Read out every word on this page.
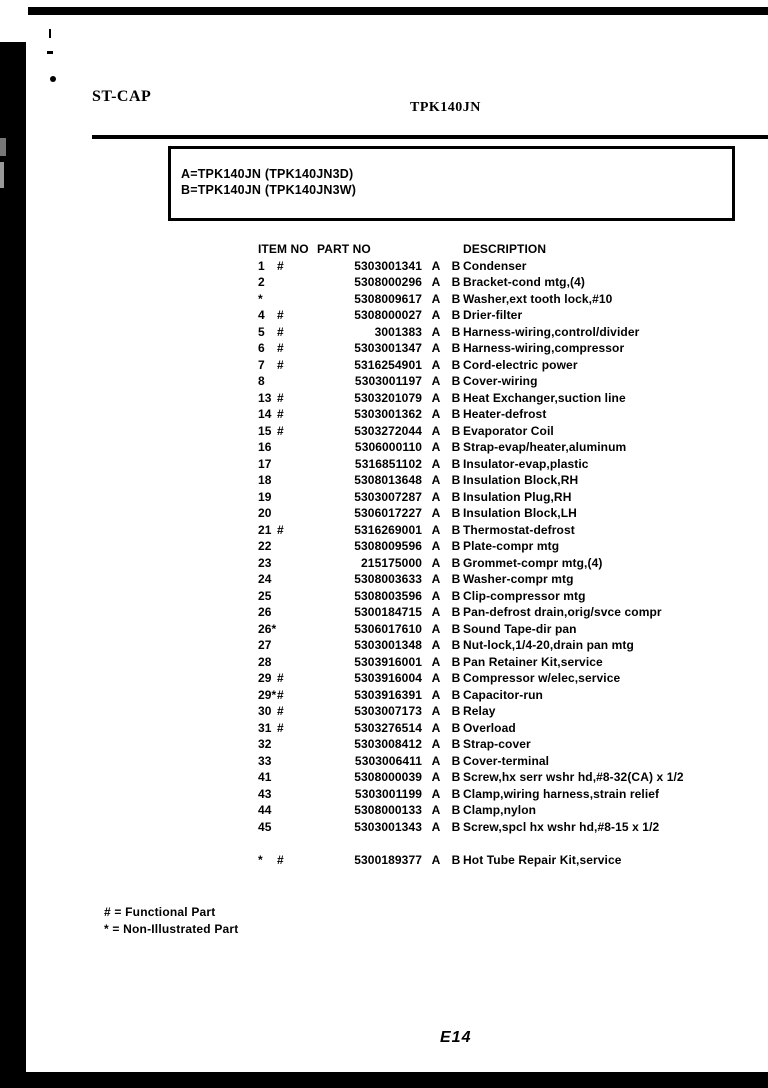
ST-CAP
TPK140JN
A=TPK140JN (TPK140JN3D)
B=TPK140JN (TPK140JN3W)
ITEM NO PART NO	DESCRIPTION
1 #	5303001341 A B Condenser
2	5308000296 A B Bracket-cond mtg,(4)
*	5308009617 A B Washer,ext tooth lock,#10
4 #	5308000027 A B Drier-filter
5 #	3001383 A B Harness-wiring,control/divider
6 #	5303001347 A B Harness-wiring,compressor
7 #	5316254901 A B Cord-electric power
8	5303001197 A B Cover-wiring
13 #	5303201079 A B Heat Exchanger,suction line
14 #	5303001362 A B Heater-defrost
15 #	5303272044 A B Evaporator Coil
16	5306000110 A B Strap-evap/heater,aluminum
17	5316851102 A B Insulator-evap,plastic
18	5308013648 A B Insulation Block,RH
19	5303007287 A B Insulation Plug,RH
20	5306017227 A B Insulation Block,LH
21 #	5316269001 A B Thermostat-defrost
22	5308009596 A B Plate-compr mtg
23	215175000 A B Grommet-compr mtg,(4)
24	5308003633 A B Washer-compr mtg
25	5308003596 A B Clip-compressor mtg
26	5300184715 A B Pan-defrost drain,orig/svce compr
26*	5306017610 A B Sound Tape-dir pan
27	5303001348 A B Nut-lock,1/4-20,drain pan mtg
28	5303916001 A B Pan Retainer Kit,service
29 #	5303916004 A B Compressor w/elec,service
29* #	5303916391 A B Capacitor-run
30 #	5303007173 A B Relay
31 #	5303276514 A B Overload
32	5303008412 A B Strap-cover
33	5303006411 A B Cover-terminal
41	5308000039 A B Screw,hx serr wshr hd,#8-32(CA) x 1/2
43	5303001199 A B Clamp,wiring harness,strain relief
44	5308000133 A B Clamp,nylon
45	5303001343 A B Screw,spcl hx wshr hd,#8-15 x 1/2
* #	5300189377 A B Hot Tube Repair Kit,service
# = Functional Part
* = Non-Illustrated Part
E14
